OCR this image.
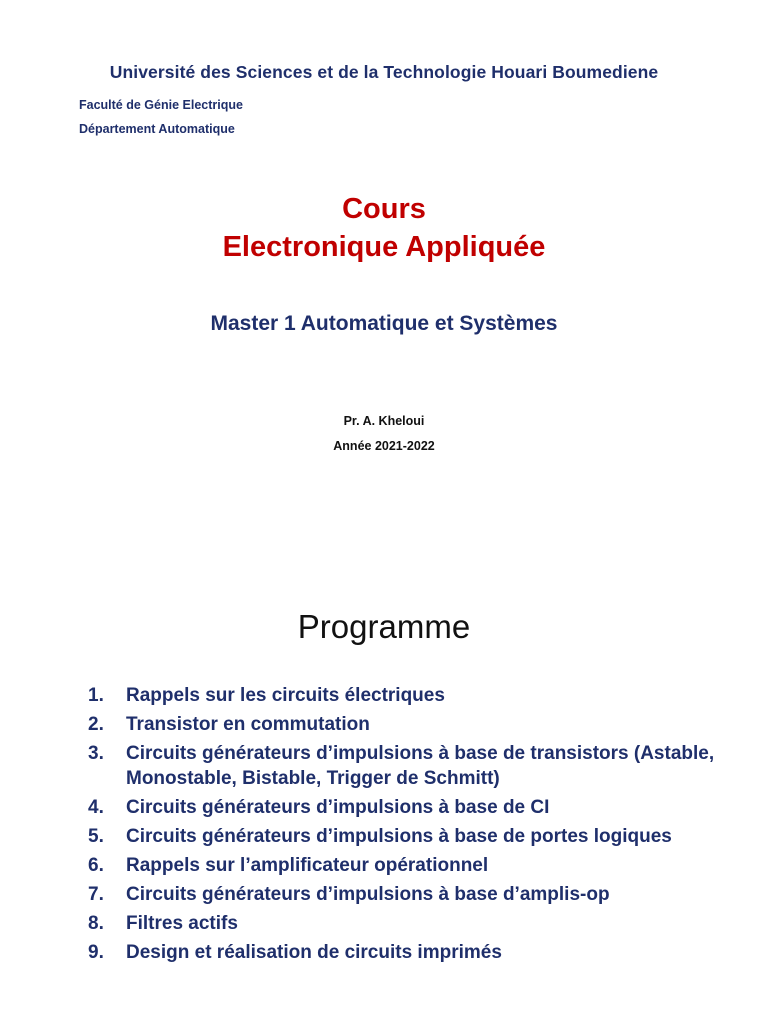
Université des Sciences et de la Technologie Houari Boumediene
Faculté de Génie Electrique
Département Automatique
Cours
Electronique Appliquée
Master 1 Automatique et Systèmes
Pr. A. Kheloui
Année 2021-2022
Programme
1.	Rappels sur les circuits électriques
2.	Transistor en commutation
3.	Circuits générateurs d’impulsions à base de transistors (Astable, Monostable, Bistable, Trigger de Schmitt)
4.	Circuits générateurs d’impulsions à base de CI
5.	Circuits générateurs d’impulsions à base de portes logiques
6.	Rappels sur l’amplificateur opérationnel
7.	Circuits générateurs d’impulsions à base d’amplis-op
8.	Filtres actifs
9.	Design et réalisation de circuits imprimés
